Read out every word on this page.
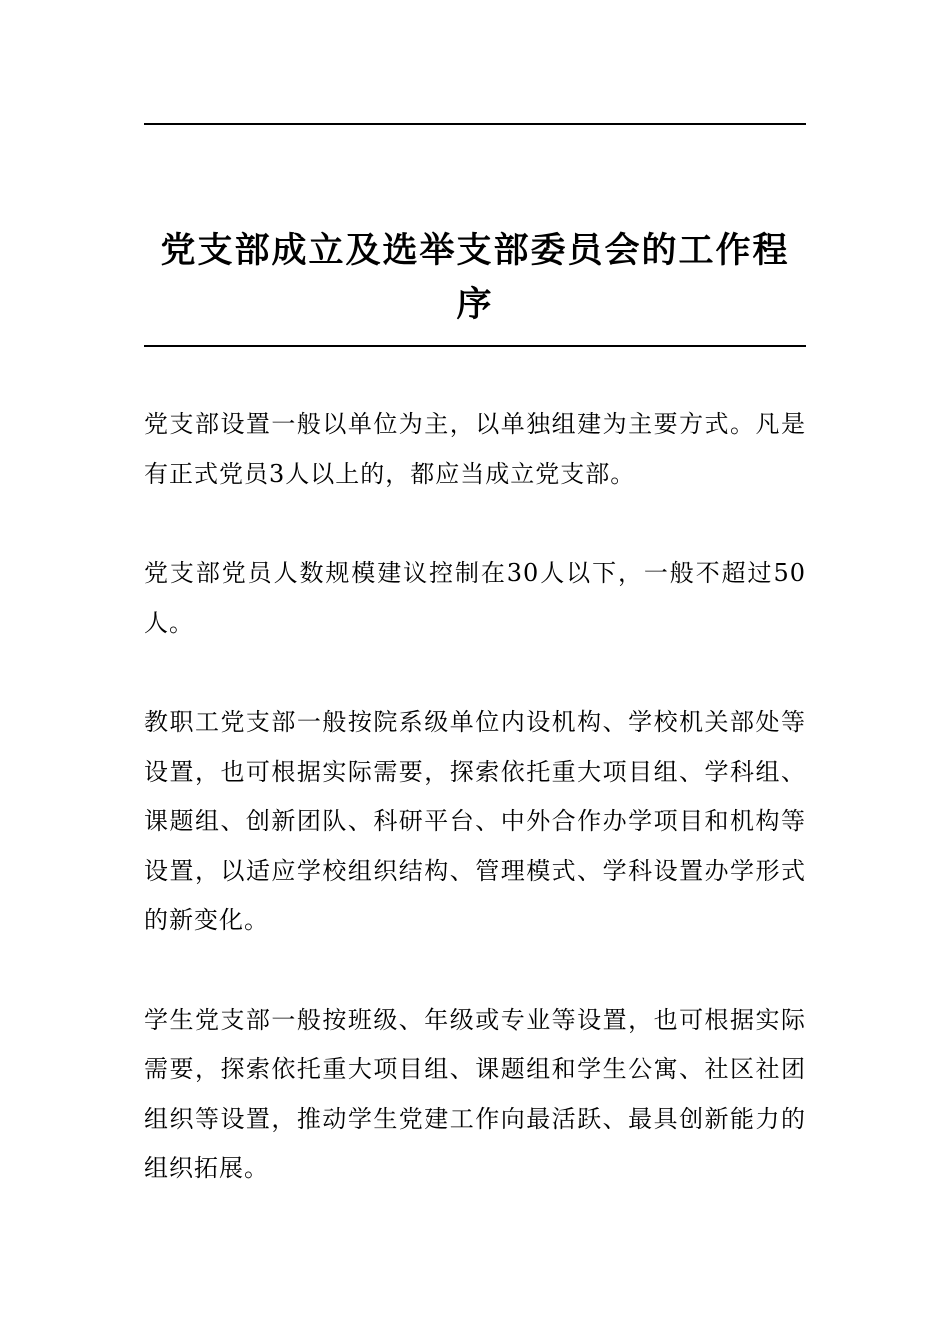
党支部成立及选举支部委员会的工作程序

党支部设置一般以单位为主，以单独组建为主要方式。凡是有正式党员3人以上的，都应当成立党支部。

党支部党员人数规模建议控制在30人以下，一般不超过50人。

教职工党支部一般按院系级单位内设机构、学校机关部处等设置，也可根据实际需要，探索依托重大项目组、学科组、课题组、创新团队、科研平台、中外合作办学项目和机构等设置，以适应学校组织结构、管理模式、学科设置办学形式的新变化。

学生党支部一般按班级、年级或专业等设置，也可根据实际需要，探索依托重大项目组、课题组和学生公寓、社区社团组织等设置，推动学生党建工作向最活跃、最具创新能力的组织拓展。
